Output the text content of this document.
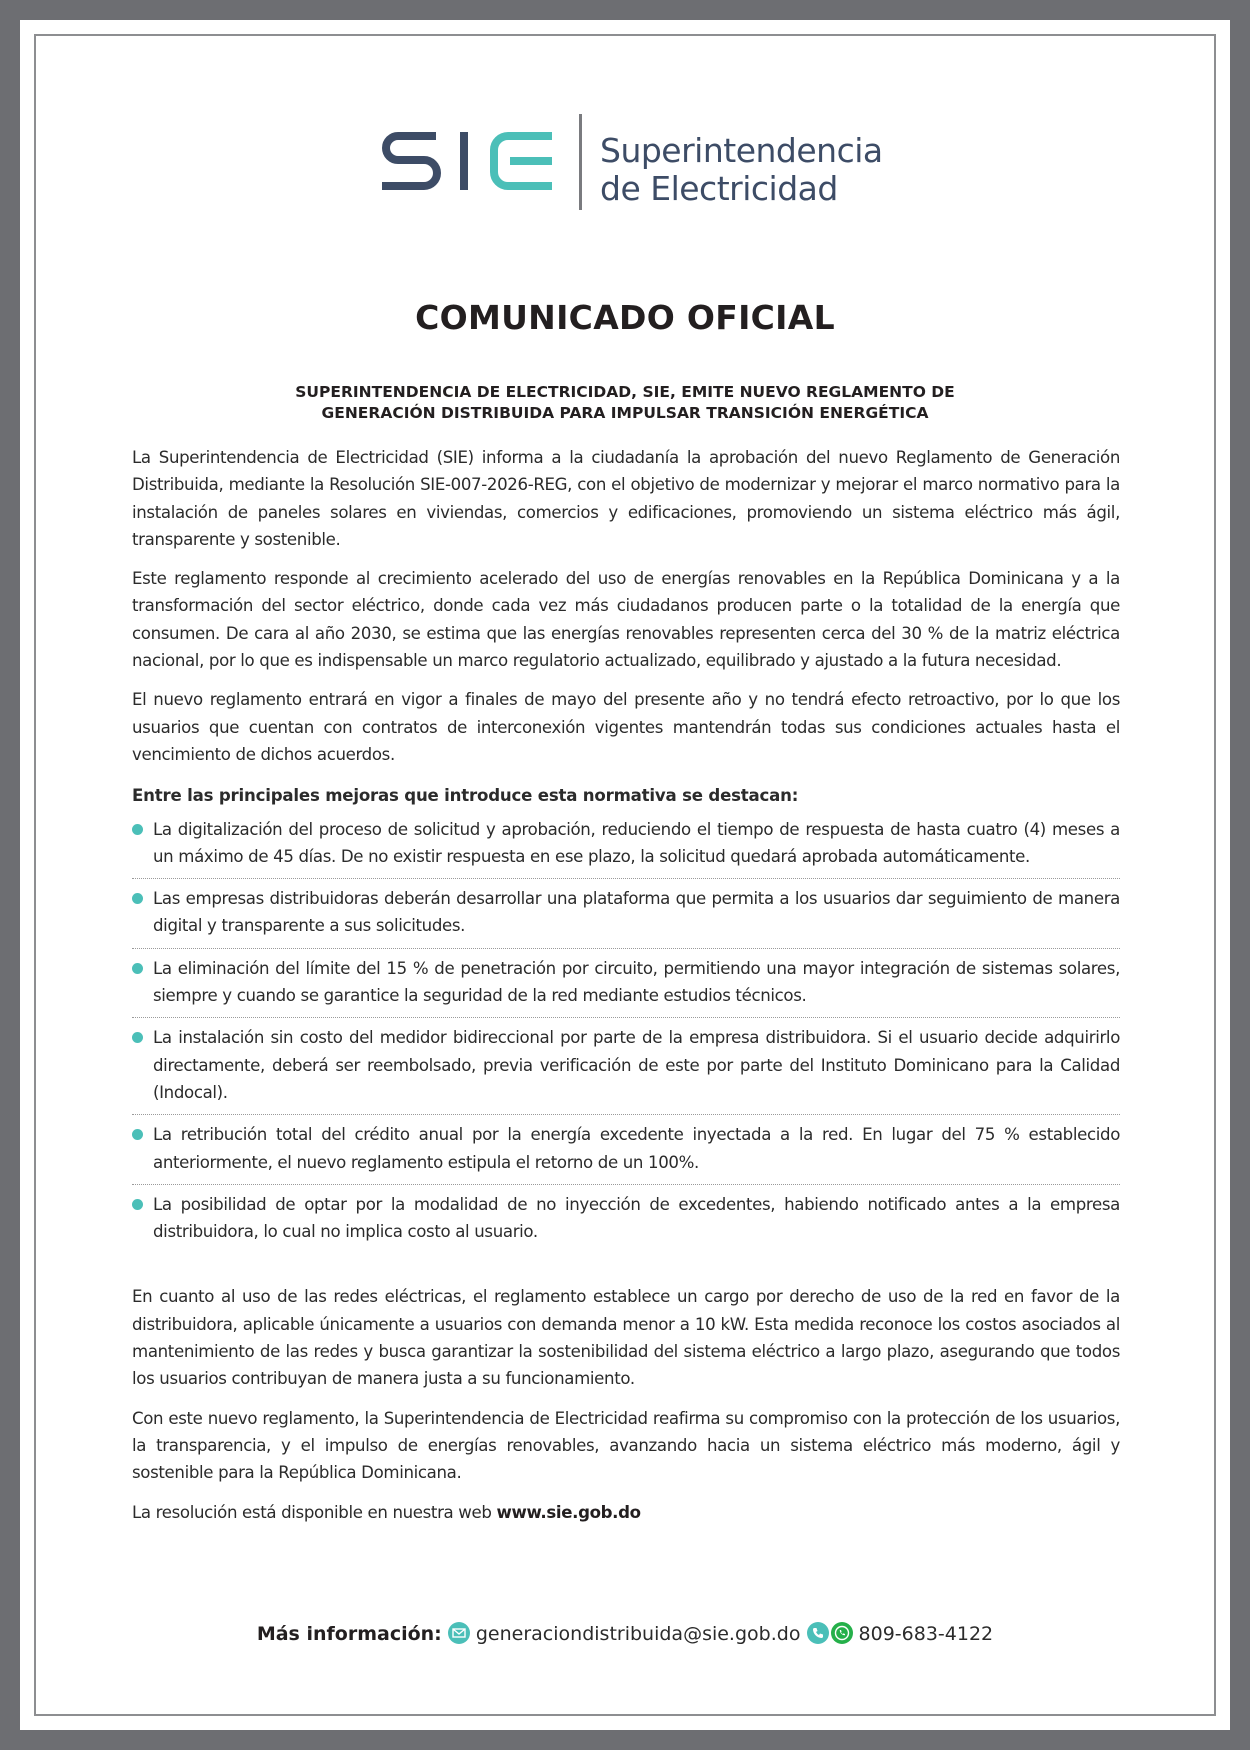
Superintendencia
de Electricidad
COMUNICADO OFICIAL
SUPERINTENDENCIA DE ELECTRICIDAD, SIE, EMITE NUEVO REGLAMENTO DE
GENERACIÓN DISTRIBUIDA PARA IMPULSAR TRANSICIÓN ENERGÉTICA

La Superintendencia de Electricidad (SIE) informa a la ciudadanía la aprobación del nuevo Reglamento de Generación Distribuida, mediante la Resolución SIE-007-2026-REG, con el objetivo de modernizar y mejorar el marco normativo para la instalación de paneles solares en viviendas, comercios y edificaciones, promoviendo un sistema eléctrico más ágil, transparente y sostenible.

Este reglamento responde al crecimiento acelerado del uso de energías renovables en la República Dominicana y a la transformación del sector eléctrico, donde cada vez más ciudadanos producen parte o la totalidad de la energía que consumen. De cara al año 2030, se estima que las energías renovables representen cerca del 30 % de la matriz eléctrica nacional, por lo que es indispensable un marco regulatorio actualizado, equilibrado y ajustado a la futura necesidad.

El nuevo reglamento entrará en vigor a finales de mayo del presente año y no tendrá efecto retroactivo, por lo que los usuarios que cuentan con contratos de interconexión vigentes mantendrán todas sus condiciones actuales hasta el vencimiento de dichos acuerdos.

Entre las principales mejoras que introduce esta normativa se destacan:

La digitalización del proceso de solicitud y aprobación, reduciendo el tiempo de respuesta de hasta cuatro (4) meses a un máximo de 45 días. De no existir respuesta en ese plazo, la solicitud quedará aprobada automáticamente.
Las empresas distribuidoras deberán desarrollar una plataforma que permita a los usuarios dar seguimiento de manera digital y transparente a sus solicitudes.
La eliminación del límite del 15 % de penetración por circuito, permitiendo una mayor integración de sistemas solares, siempre y cuando se garantice la seguridad de la red mediante estudios técnicos.
La instalación sin costo del medidor bidireccional por parte de la empresa distribuidora. Si el usuario decide adquirirlo directamente, deberá ser reembolsado, previa verificación de este por parte del Instituto Dominicano para la Calidad (Indocal).
La retribución total del crédito anual por la energía excedente inyectada a la red. En lugar del 75 % establecido anteriormente, el nuevo reglamento estipula el retorno de un 100%.
La posibilidad de optar por la modalidad de no inyección de excedentes, habiendo notificado antes a la empresa distribuidora, lo cual no implica costo al usuario.

En cuanto al uso de las redes eléctricas, el reglamento establece un cargo por derecho de uso de la red en favor de la distribuidora, aplicable únicamente a usuarios con demanda menor a 10 kW. Esta medida reconoce los costos asociados al mantenimiento de las redes y busca garantizar la sostenibilidad del sistema eléctrico a largo plazo, asegurando que todos los usuarios contribuyan de manera justa a su funcionamiento.

Con este nuevo reglamento, la Superintendencia de Electricidad reafirma su compromiso con la protección de los usuarios, la transparencia, y el impulso de energías renovables, avanzando hacia un sistema eléctrico más moderno, ágil y sostenible para la República Dominicana.

La resolución está disponible en nuestra web www.sie.gob.do

Más información: generaciondistribuida@sie.gob.do	809-683-4122
